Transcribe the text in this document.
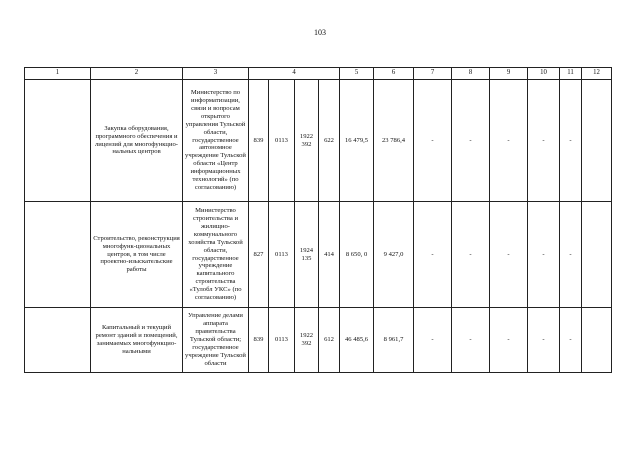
103
1	2	3	4				5	6	7	8	9	10	11	12
	Закупка оборудования, программного обеспечения и лицензий для многофункцио-нальных центров	Министерство по информатизации, связи и вопросам открытого управления Тульской области, государственное автономное учреждение Тульской области «Центр информационных технологий» (по согласованию)	839	0113	1922 392	622	16 479,5	23 786,4	-	-	-	-	-	
	Строительство, реконструкция многофунк-циональных центров, в том числе проектно-изыскательские работы	Министерство строительства и жилищно-коммунального хозяйства Тульской области, государственное учреждение капитального строительства «Тулобл УКС» (по согласованию)	827	0113	1924 135	414	8 650, 0	9 427,0	-	-	-	-	-	
	Капитальный и текущий ремонт зданий и помещений, занимаемых многофункцио-нальными	Управление делами аппарата правительства Тульской области; государственное учреждение Тульской области	839	0113	1922 392	612	46 485,6	8 961,7	-	-	-	-	-	
